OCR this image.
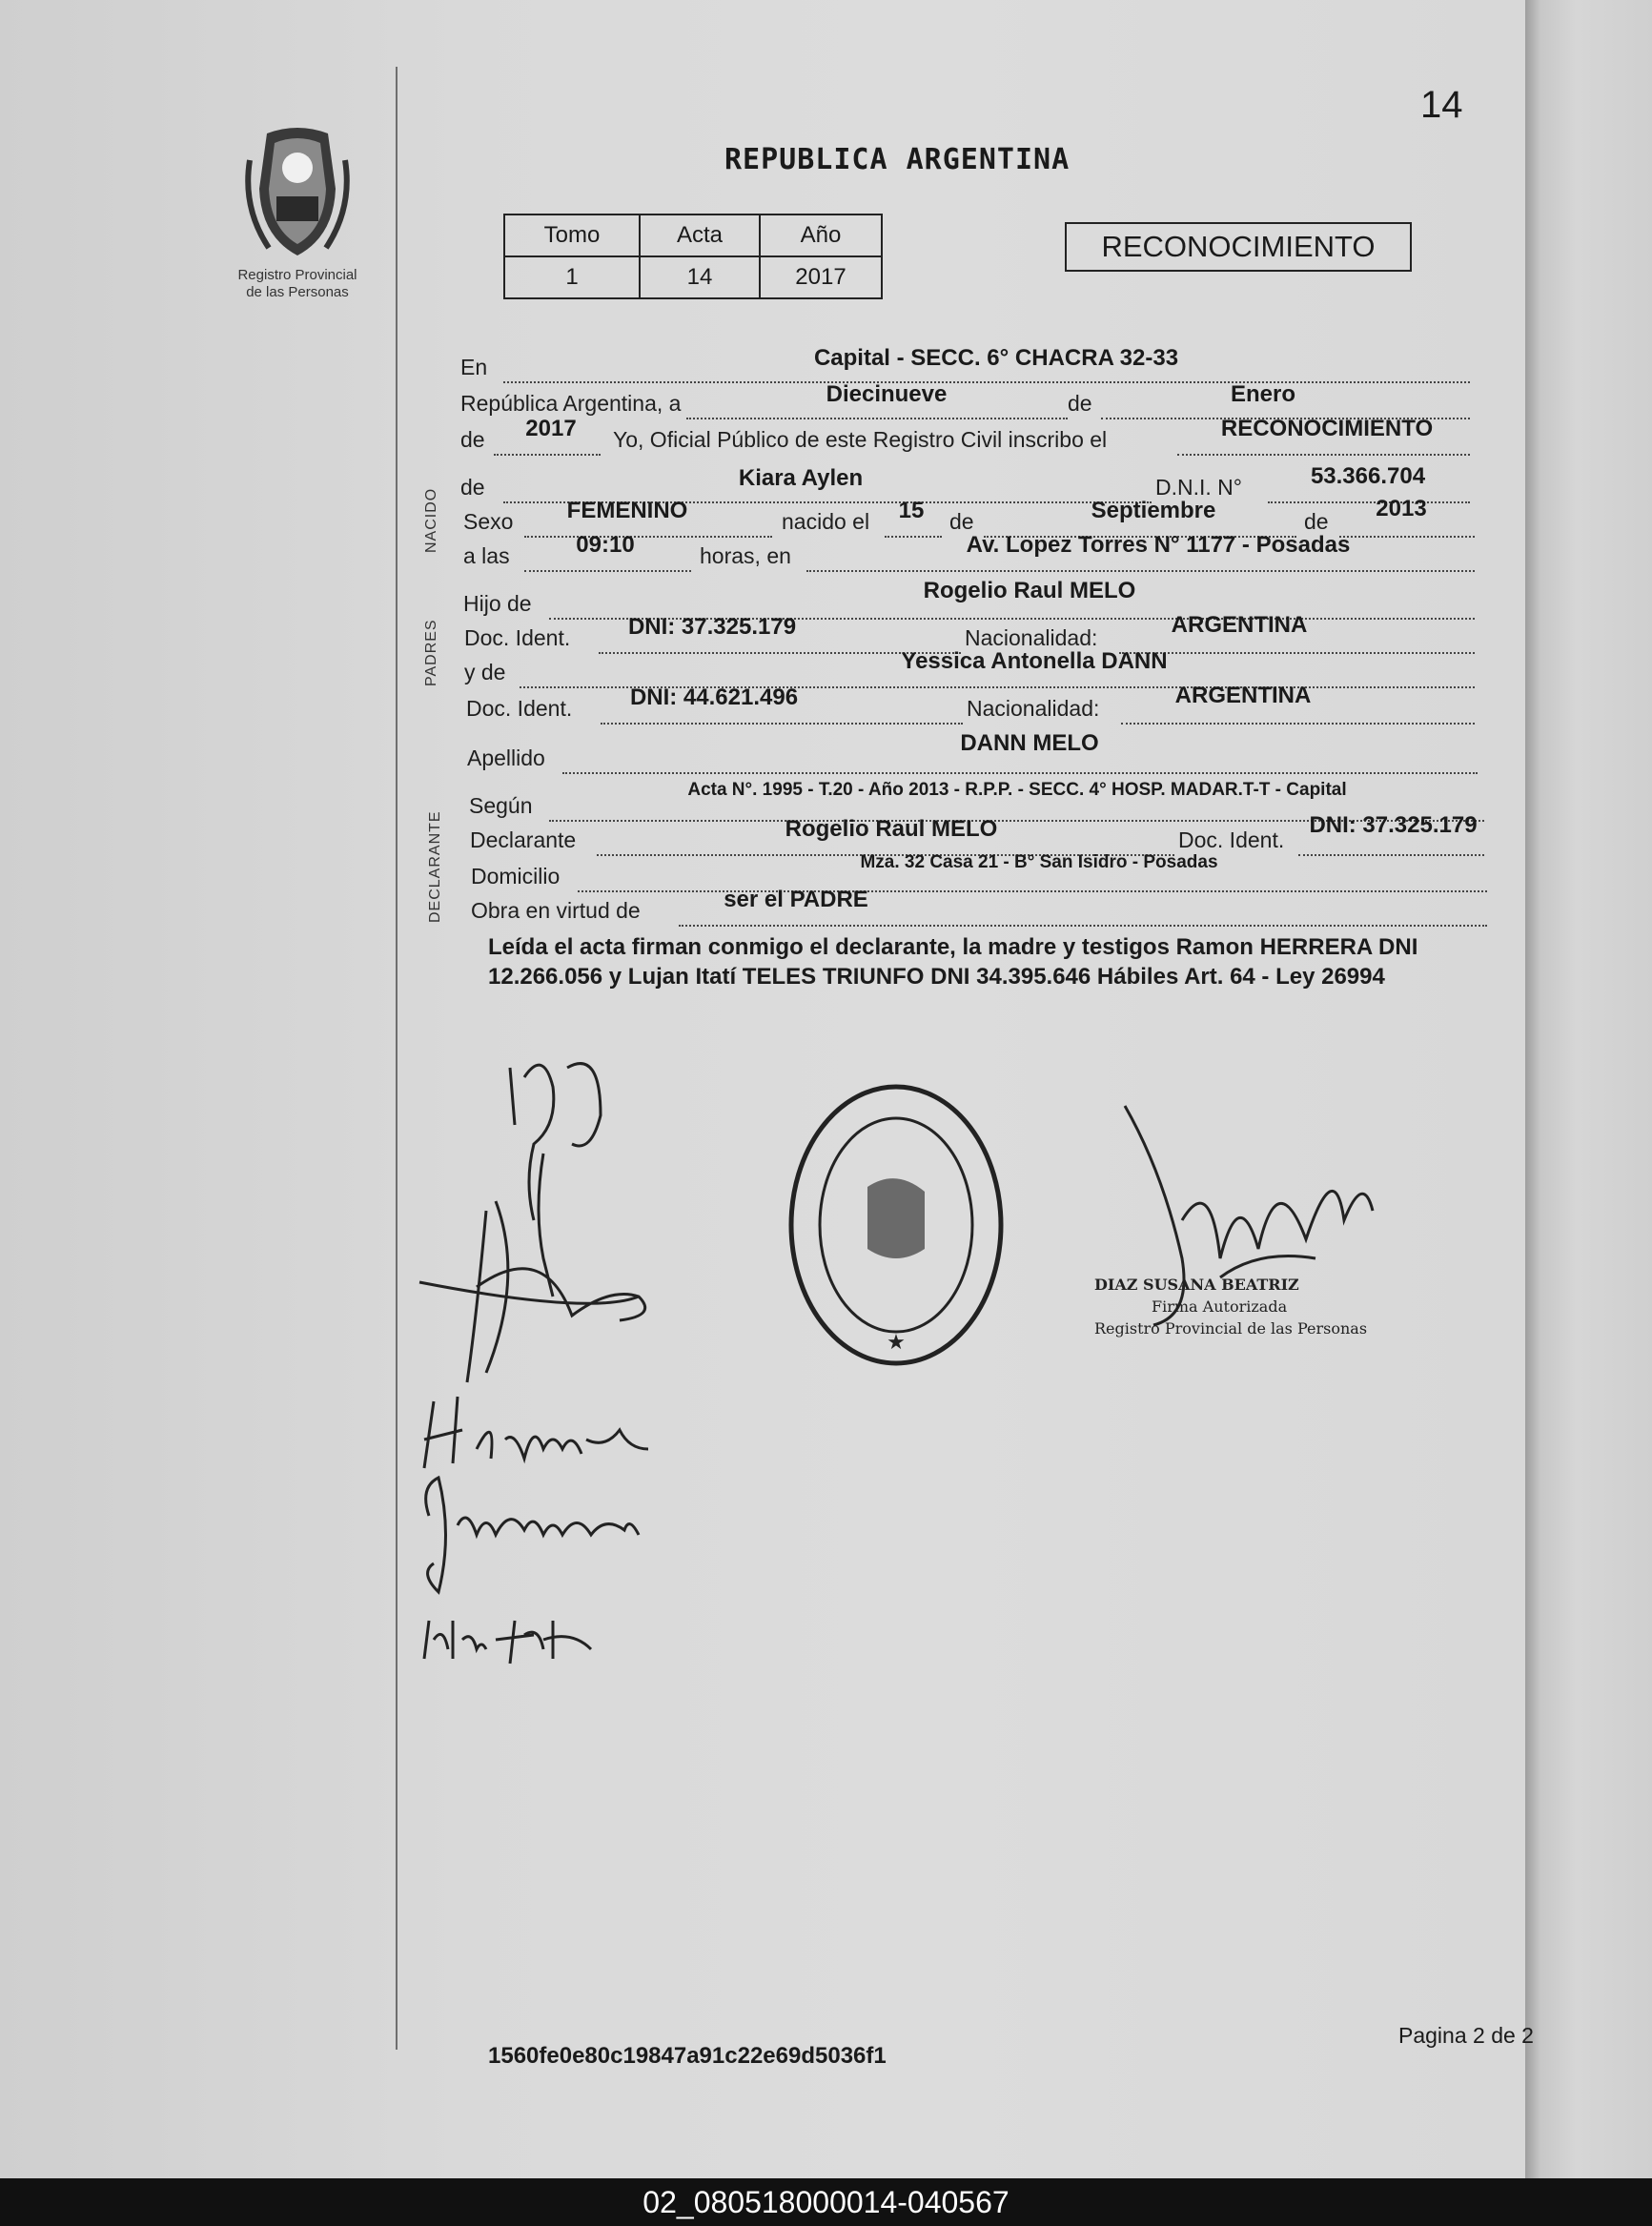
14
REPUBLICA ARGENTINA
Registro Provincial
de las Personas
Tomo	Acta	Año
1	14	2017
RECONOCIMIENTO
NACIDO
PADRES
DECLARANTE
En	Capital - SECC. 6° CHACRA 32-33
República Argentina, a	Diecinueve	de	Enero
de	2017	Yo, Oficial Público de este Registro Civil inscribo el	RECONOCIMIENTO
de	Kiara Aylen	D.N.I. N°	53.366.704
Sexo	FEMENINO	nacido el 15 de	Septiembre	de	2013
a las	09:10	horas, en	Av. Lopez Torres N° 1177 - Posadas
Hijo de	Rogelio Raul MELO
Doc. Ident.	DNI: 37.325.179	Nacionalidad:	ARGENTINA
y de	Yessica Antonella DANN
Doc. Ident.	DNI: 44.621.496	Nacionalidad:	ARGENTINA
Apellido
DANN MELO
Según
Acta N°. 1995 - T.20 - Año 2013 - R.P.P. - SECC. 4° HOSP. MADAR.T-T - Capital
Declarante	Rogelio Raul MELO	Doc. Ident.
DNI: 37.325.179
Domicilio
Mza. 32 Casa 21 - B° San Isidro - Posadas
Obra en virtud de	ser el PADRE
Leída el acta firman conmigo el declarante, la madre y testigos Ramon HERRERA DNI 12.266.056 y Lujan Itatí TELES TRIUNFO DNI 34.395.646 Hábiles Art. 64 - Ley 26994
★
DIAZ SUSANA BEATRIZ
Firma Autorizada
Registro Provincial de las Personas
Pagina 2 de 2
1560fe0e80c19847a91c22e69d5036f1
02_080518000014-040567
